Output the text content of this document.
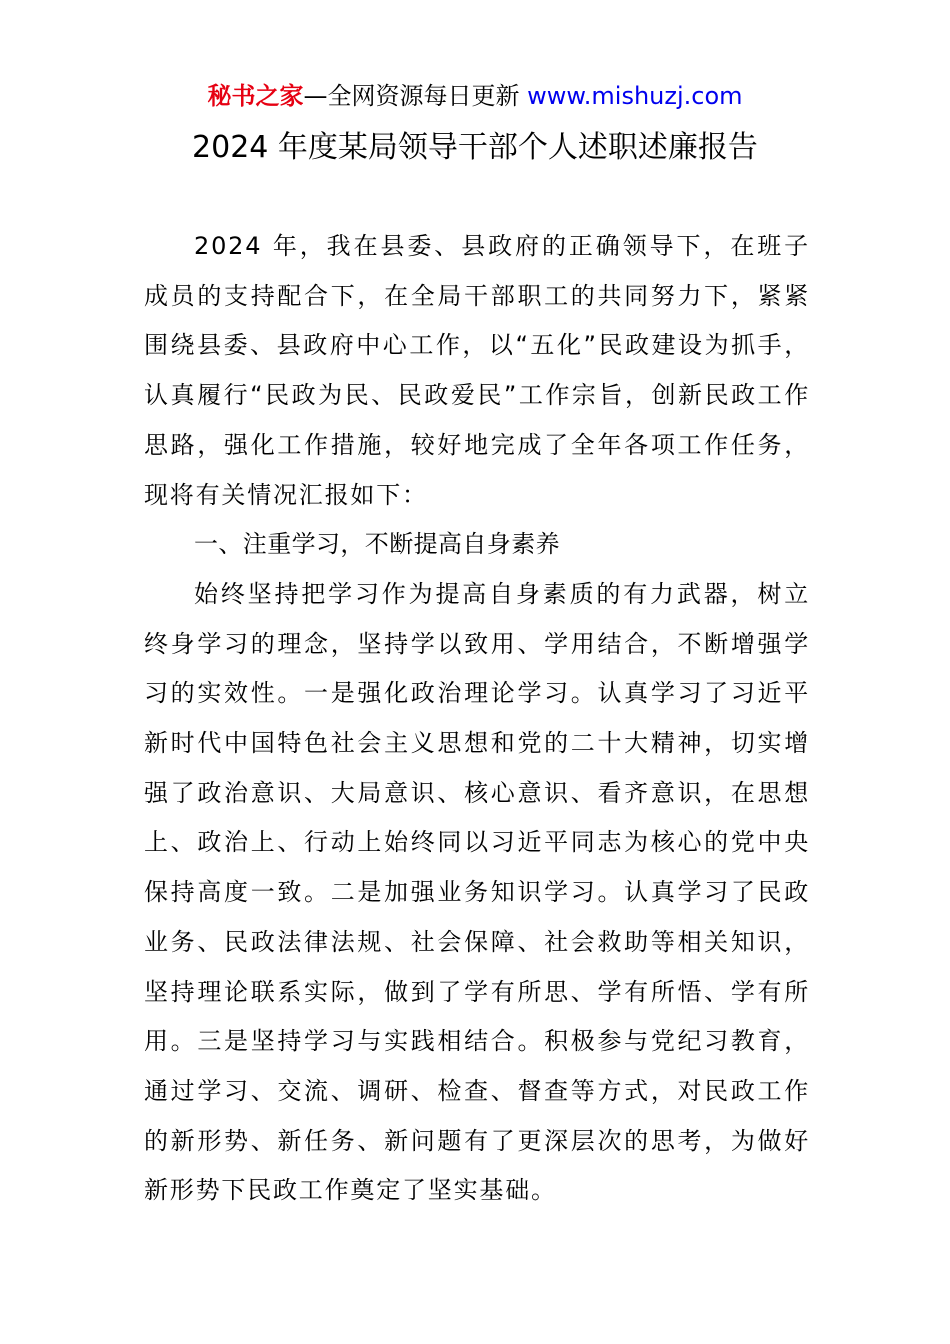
秘书之家—全网资源每日更新 www.mishuzj.com
2024 年度某局领导干部个人述职述廉报告

2024 年，我在县委、县政府的正确领导下，在班子成员的支持配合下，在全局干部职工的共同努力下，紧紧围绕县委、县政府中心工作，以“五化”民政建设为抓手，认真履行“民政为民、民政爱民”工作宗旨，创新民政工作思路，强化工作措施，较好地完成了全年各项工作任务，现将有关情况汇报如下：

一、注重学习，不断提高自身素养

始终坚持把学习作为提高自身素质的有力武器，树立终身学习的理念，坚持学以致用、学用结合，不断增强学习的实效性。一是强化政治理论学习。认真学习了习近平新时代中国特色社会主义思想和党的二十大精神，切实增强了政治意识、大局意识、核心意识、看齐意识，在思想上、政治上、行动上始终同以习近平同志为核心的党中央保持高度一致。二是加强业务知识学习。认真学习了民政业务、民政法律法规、社会保障、社会救助等相关知识，坚持理论联系实际，做到了学有所思、学有所悟、学有所用。三是坚持学习与实践相结合。积极参与党纪习教育，通过学习、交流、调研、检查、督查等方式，对民政工作的新形势、新任务、新问题有了更深层次的思考，为做好新形势下民政工作奠定了坚实基础。
